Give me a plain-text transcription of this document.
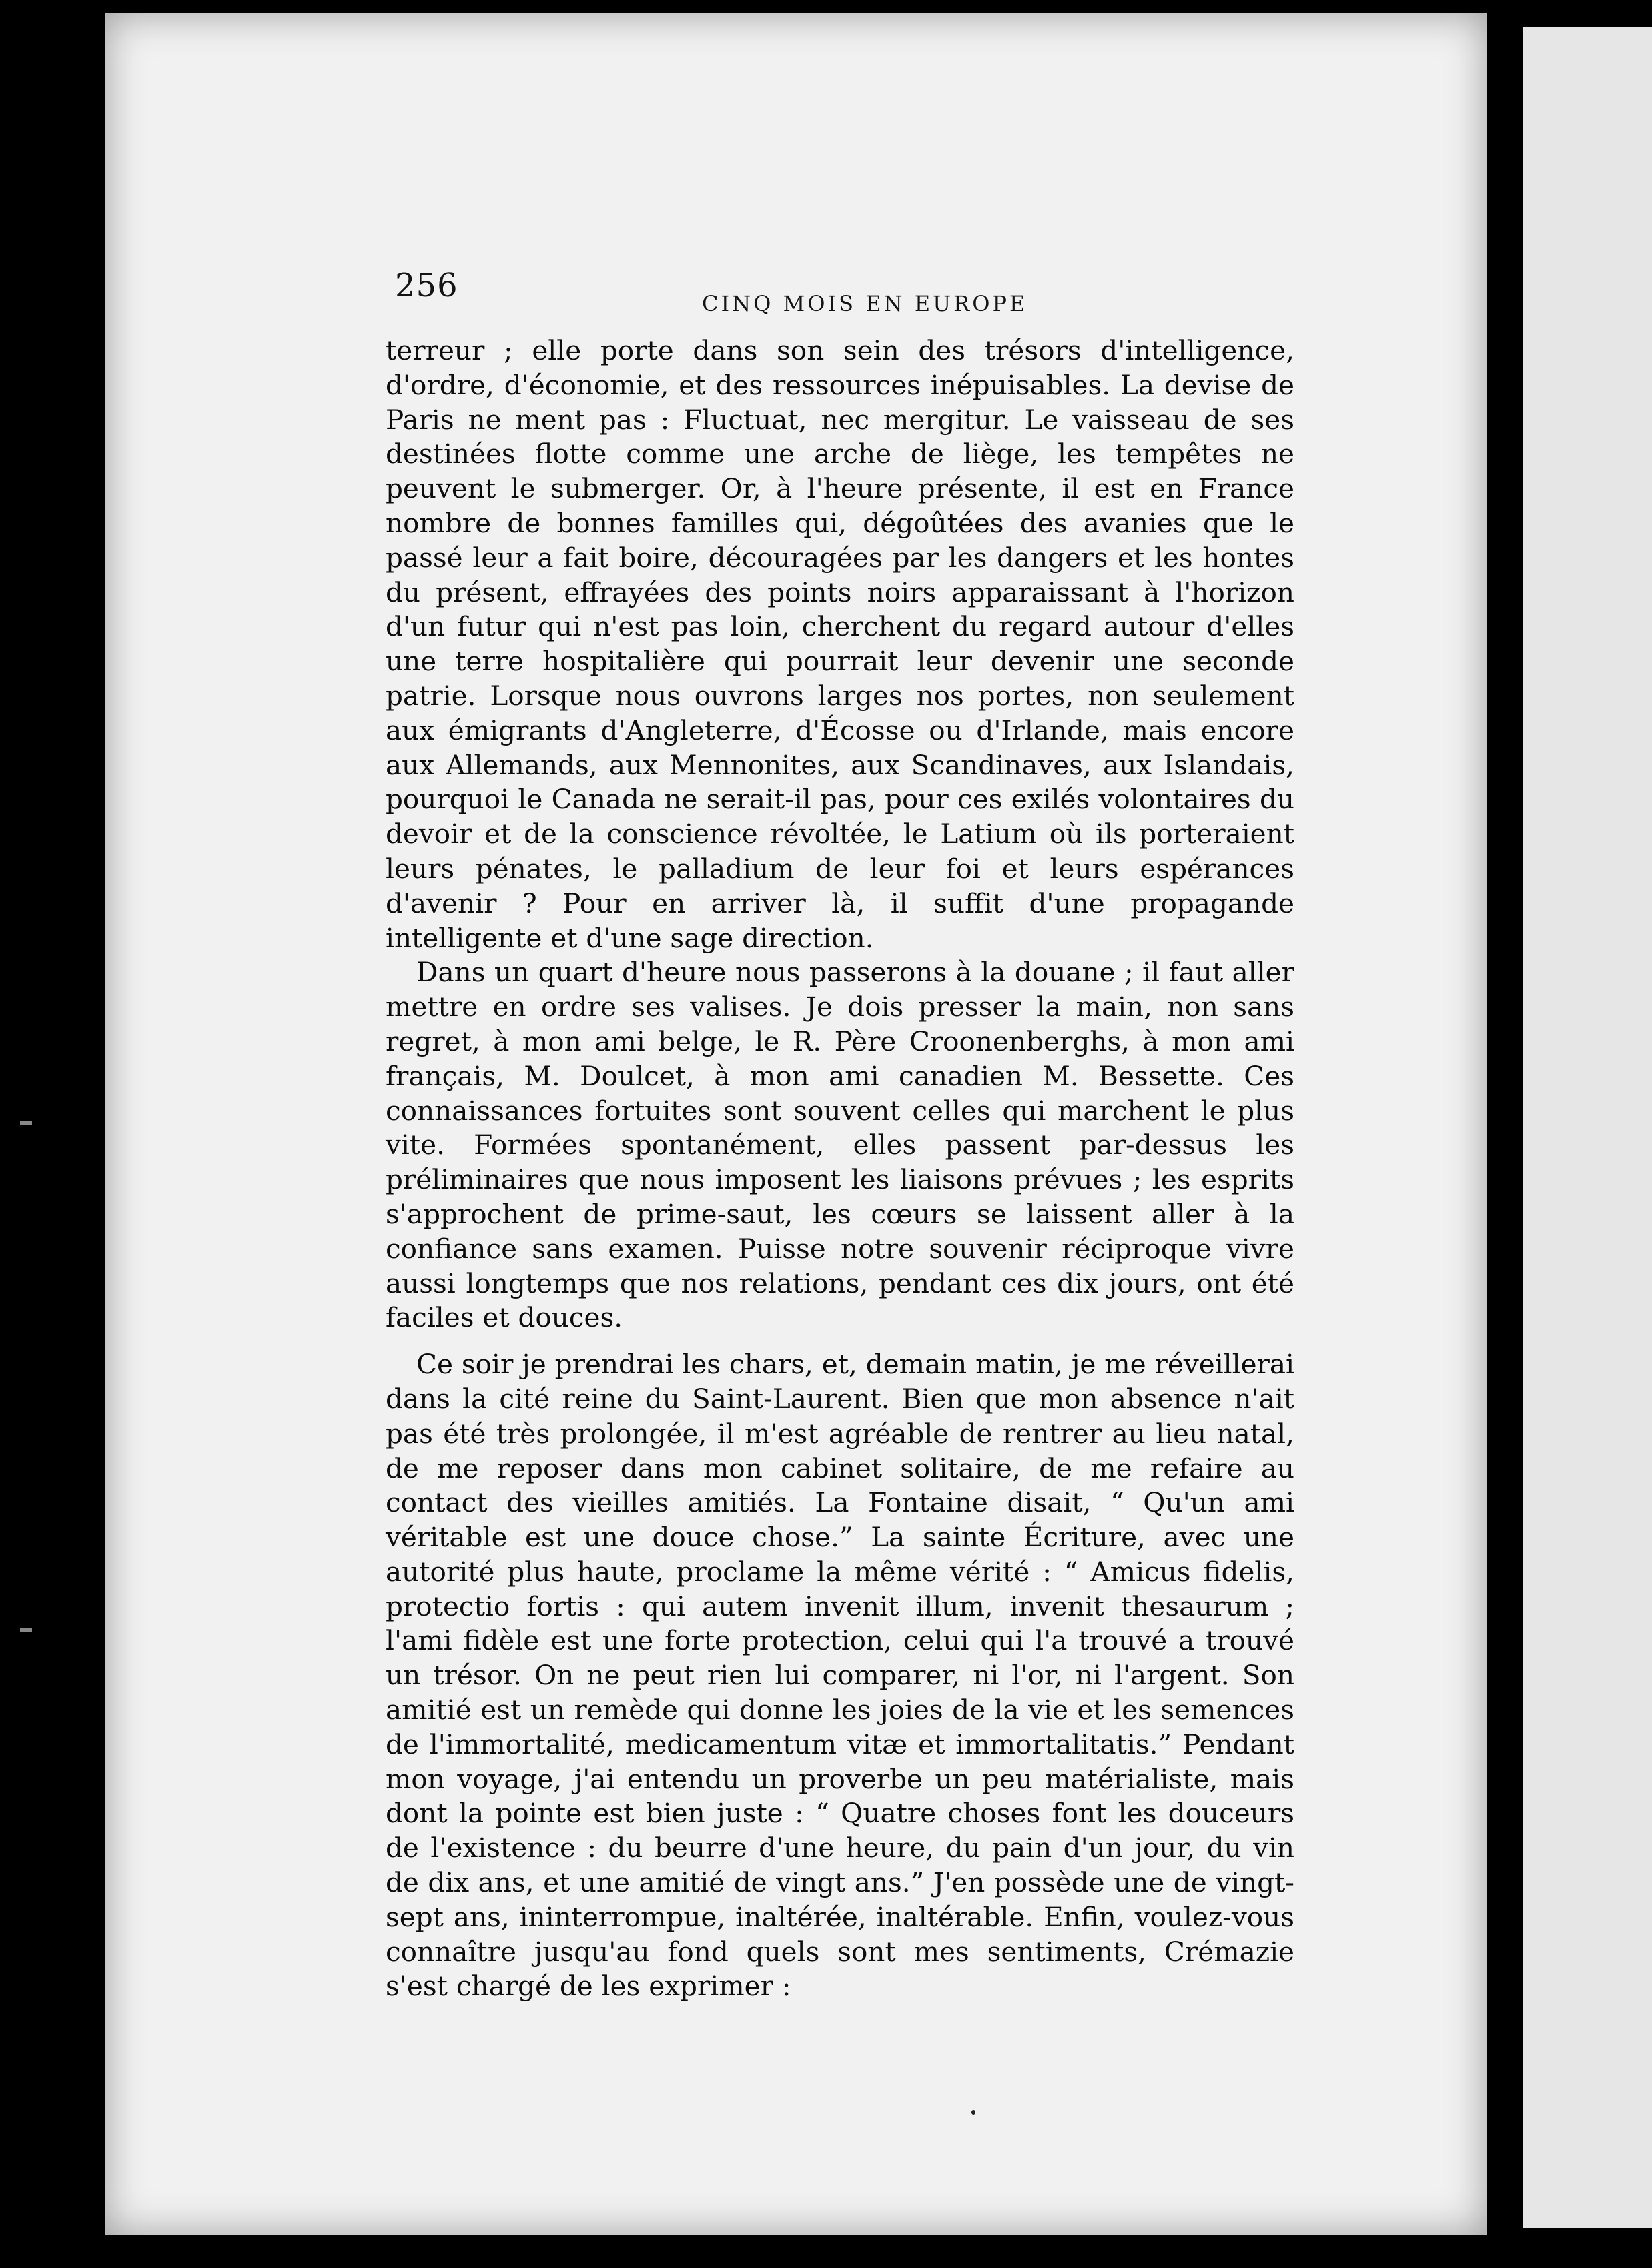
256	CINQ MOIS EN EUROPE

terreur ; elle porte dans son sein des trésors d'intelligence, d'ordre, d'économie, et des ressources inépuisables. La devise de Paris ne ment pas : Fluctuat, nec mergitur. Le vaisseau de ses destinées flotte comme une arche de liège, les tempêtes ne peuvent le submerger. Or, à l'heure présente, il est en France nombre de bonnes familles qui, dégoûtées des avanies que le passé leur a fait boire, découragées par les dangers et les hontes du présent, effrayées des points noirs apparaissant à l'horizon d'un futur qui n'est pas loin, cherchent du regard autour d'elles une terre hospitalière qui pourrait leur devenir une seconde patrie. Lorsque nous ouvrons larges nos portes, non seulement aux émigrants d'Angleterre, d'Écosse ou d'Irlande, mais encore aux Allemands, aux Mennonites, aux Scandinaves, aux Islandais, pourquoi le Canada ne serait-il pas, pour ces exilés volontaires du devoir et de la conscience révoltée, le Latium où ils porteraient leurs pénates, le palladium de leur foi et leurs espérances d'avenir ? Pour en arriver là, il suffit d'une propagande intelligente et d'une sage direction.

Dans un quart d'heure nous passerons à la douane ; il faut aller mettre en ordre ses valises. Je dois presser la main, non sans regret, à mon ami belge, le R. Père Croonenberghs, à mon ami français, M. Doulcet, à mon ami canadien M. Bessette. Ces connaissances fortuites sont souvent celles qui marchent le plus vite. Formées spontanément, elles passent par-dessus les préliminaires que nous imposent les liaisons prévues ; les esprits s'approchent de prime-saut, les cœurs se laissent aller à la confiance sans examen. Puisse notre souvenir réciproque vivre aussi longtemps que nos relations, pendant ces dix jours, ont été faciles et douces.

Ce soir je prendrai les chars, et, demain matin, je me réveillerai dans la cité reine du Saint-Laurent. Bien que mon absence n'ait pas été très prolongée, il m'est agréable de rentrer au lieu natal, de me reposer dans mon cabinet solitaire, de me refaire au contact des vieilles amitiés. La Fontaine disait, “ Qu'un ami véritable est une douce chose.” La sainte Écriture, avec une autorité plus haute, proclame la même vérité : “ Amicus fidelis, protectio fortis : qui autem invenit illum, invenit thesaurum ; l'ami fidèle est une forte protection, celui qui l'a trouvé a trouvé un trésor. On ne peut rien lui comparer, ni l'or, ni l'argent. Son amitié est un remède qui donne les joies de la vie et les semences de l'immortalité, medicamentum vitæ et immortalitatis.” Pendant mon voyage, j'ai entendu un proverbe un peu matérialiste, mais dont la pointe est bien juste : “ Quatre choses font les douceurs de l'existence : du beurre d'une heure, du pain d'un jour, du vin de dix ans, et une amitié de vingt ans.” J'en possède une de vingt-sept ans, ininterrompue, inaltérée, inaltérable. Enfin, voulez-vous connaître jusqu'au fond quels sont mes sentiments, Crémazie s'est chargé de les exprimer :
